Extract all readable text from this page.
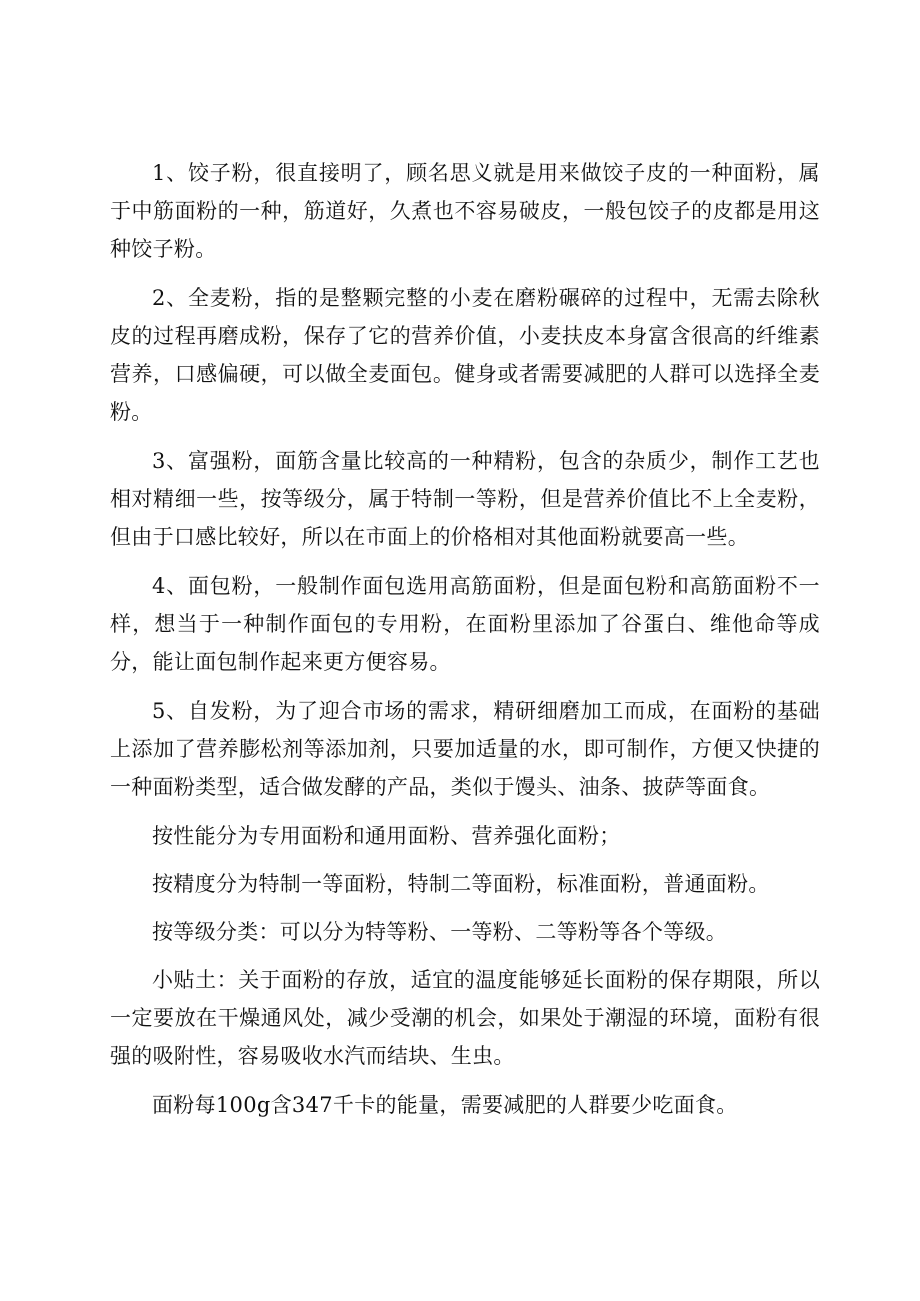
1、饺子粉，很直接明了，顾名思义就是用来做饺子皮的一种面粉，属于中筋面粉的一种，筋道好，久煮也不容易破皮，一般包饺子的皮都是用这种饺子粉。

2、全麦粉，指的是整颗完整的小麦在磨粉碾碎的过程中，无需去除秋皮的过程再磨成粉，保存了它的营养价值，小麦扶皮本身富含很高的纤维素营养，口感偏硬，可以做全麦面包。健身或者需要减肥的人群可以选择全麦粉。

3、富强粉，面筋含量比较高的一种精粉，包含的杂质少，制作工艺也相对精细一些，按等级分，属于特制一等粉，但是营养价值比不上全麦粉，但由于口感比较好，所以在市面上的价格相对其他面粉就要高一些。

4、面包粉，一般制作面包选用高筋面粉，但是面包粉和高筋面粉不一样，想当于一种制作面包的专用粉，在面粉里添加了谷蛋白、维他命等成分，能让面包制作起来更方便容易。

5、自发粉，为了迎合市场的需求，精研细磨加工而成，在面粉的基础上添加了营养膨松剂等添加剂，只要加适量的水，即可制作，方便又快捷的一种面粉类型，适合做发酵的产品，类似于馒头、油条、披萨等面食。

按性能分为专用面粉和通用面粉、营养强化面粉；

按精度分为特制一等面粉，特制二等面粉，标准面粉，普通面粉。

按等级分类：可以分为特等粉、一等粉、二等粉等各个等级。

小贴土：关于面粉的存放，适宜的温度能够延长面粉的保存期限，所以一定要放在干燥通风处，减少受潮的机会，如果处于潮湿的环境，面粉有很强的吸附性，容易吸收水汽而结块、生虫。

面粉每100g含347千卡的能量，需要减肥的人群要少吃面食。
